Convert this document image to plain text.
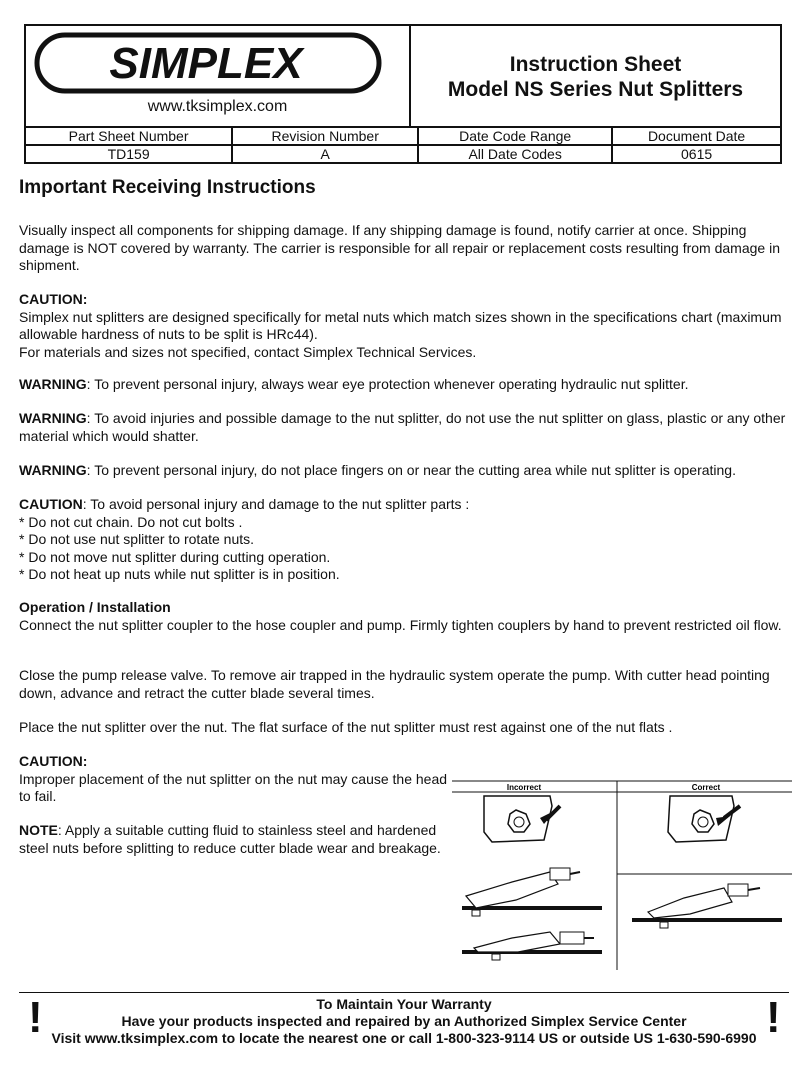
SIMPLEX
www.tksimplex.com
Instruction Sheet
Model NS Series Nut Splitters
Part Sheet Number	Revision Number	Date Code Range	Document Date
TD159	A	All Date Codes	0615
Important Receiving Instructions

Visually inspect all components for shipping damage. If any shipping damage is found, notify carrier at once. Shipping damage is NOT covered by warranty. The carrier is responsible for all repair or replacement costs resulting from damage in shipment.

CAUTION:

Simplex nut splitters are designed specifically for metal nuts which match sizes shown in the specifications chart (maximum allowable hardness of nuts to be split is HRc44).

For materials and sizes not specified, contact Simplex Technical Services.

WARNING: To prevent personal injury, always wear eye protection whenever operating hydraulic nut splitter.

WARNING: To avoid injuries and possible damage to the nut splitter, do not use the nut splitter on glass, plastic or any other material which would shatter.

WARNING: To prevent personal injury, do not place fingers on or near the cutting area while nut splitter is operating.

CAUTION: To avoid personal injury and damage to the nut splitter parts :

* Do not cut chain. Do not cut bolts .

* Do not use nut splitter to rotate nuts.

* Do not move nut splitter during cutting operation.

* Do not heat up nuts while nut splitter is in position.

Operation / Installation

Connect the nut splitter coupler to the hose coupler and pump. Firmly tighten couplers by hand to prevent restricted oil flow.

Close the pump release valve. To remove air trapped in the hydraulic system operate the pump. With cutter head pointing down, advance and retract the cutter blade several times.

Place the nut splitter over the nut. The flat surface of the nut splitter must rest against one of the nut flats .

CAUTION:

Improper placement of the nut splitter on the nut may cause the head to fail.

NOTE: Apply a suitable cutting fluid to stainless steel and hardened steel nuts before splitting to reduce cutter blade wear and breakage.

Incorrect	Correct
!	!
To Maintain Your Warranty
Have your products inspected and repaired by an Authorized Simplex Service Center
Visit www.tksimplex.com to locate the nearest one or call 1-800-323-9114 US or outside US 1-630-590-6990
